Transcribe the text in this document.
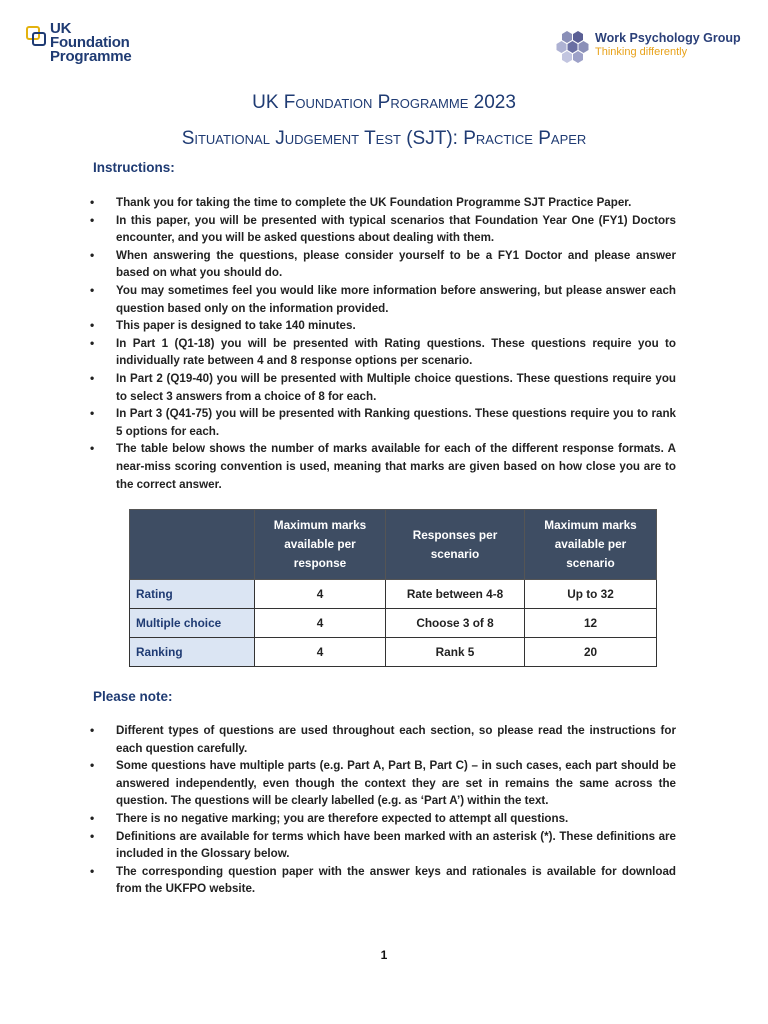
UK
Foundation
Programme
Work Psychology Group
Thinking differently
UK Foundation Programme 2023
Situational Judgement Test (SJT): Practice Paper
Instructions:
• Thank you for taking the time to complete the UK Foundation Programme SJT Practice Paper.
• In this paper, you will be presented with typical scenarios that Foundation Year One (FY1) Doctors encounter, and you will be asked questions about dealing with them.
• When answering the questions, please consider yourself to be a FY1 Doctor and please answer based on what you should do.
• You may sometimes feel you would like more information before answering, but please answer each question based only on the information provided.
• This paper is designed to take 140 minutes.
• In Part 1 (Q1-18) you will be presented with Rating questions. These questions require you to individually rate between 4 and 8 response options per scenario.
• In Part 2 (Q19-40) you will be presented with Multiple choice questions. These questions require you to select 3 answers from a choice of 8 for each.
• In Part 3 (Q41-75) you will be presented with Ranking questions. These questions require you to rank 5 options for each.
• The table below shows the number of marks available for each of the different response formats. A near-miss scoring convention is used, meaning that marks are given based on how close you are to the correct answer.
	Maximum marks available per response	Responses per scenario	Maximum marks available per scenario
Rating	4	Rate between 4-8	Up to 32
Multiple choice	4	Choose 3 of 8	12
Ranking	4	Rank 5	20
Please note:
• Different types of questions are used throughout each section, so please read the instructions for each question carefully.
• Some questions have multiple parts (e.g. Part A, Part B, Part C) – in such cases, each part should be answered independently, even though the context they are set in remains the same across the question. The questions will be clearly labelled (e.g. as ‘Part A’) within the text.
• There is no negative marking; you are therefore expected to attempt all questions.
• Definitions are available for terms which have been marked with an asterisk (*). These definitions are included in the Glossary below.
• The corresponding question paper with the answer keys and rationales is available for download from the UKFPO website.
1
